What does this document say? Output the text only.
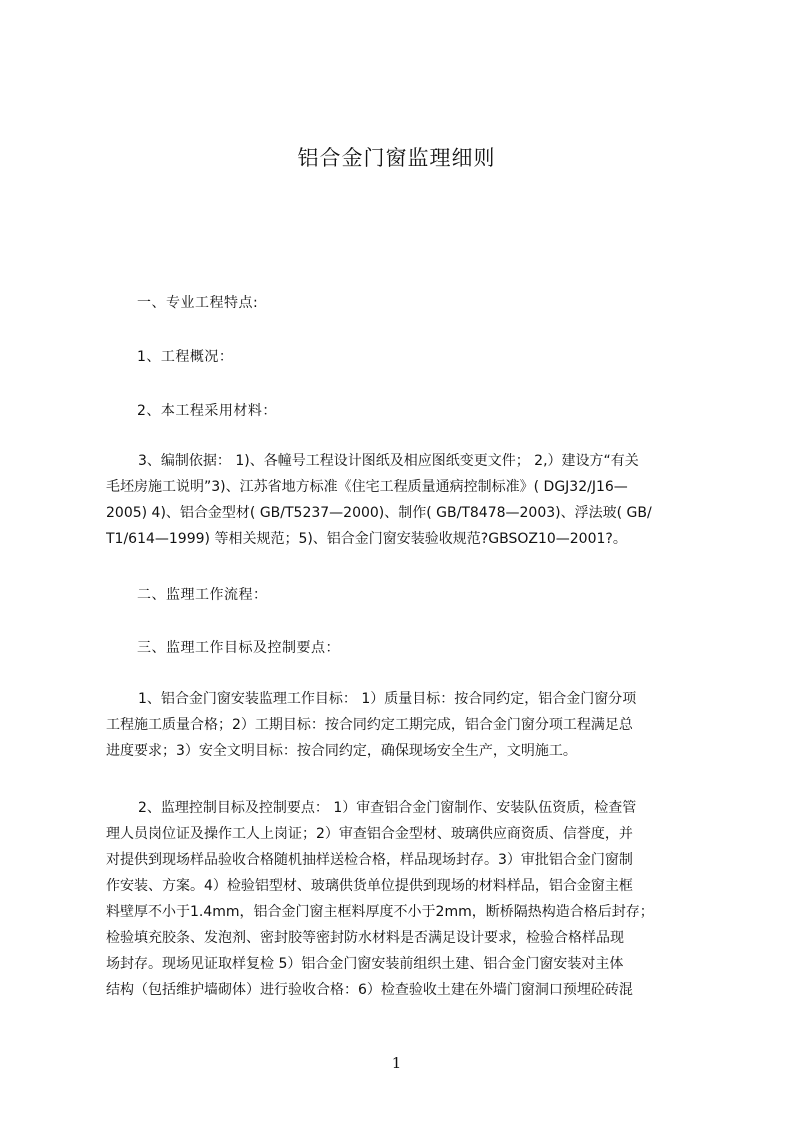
铝合金门窗监理细则
一、专业工程特点:
1、工程概况：
2、本工程采用材料：
3、编制依据： 1)、各幢号工程设计图纸及相应图纸变更文件； 2,）建设方“有关
毛坯房施工说明”3)、江苏省地方标准《住宅工程质量通病控制标准》( DGJ32/J16—
2005) 4)、铝合金型材( GB/T5237—2000)、制作( GB/T8478—2003)、浮法玻( GB/
T1/614—1999) 等相关规范；5)、铝合金门窗安装验收规范?GBSOZ10—2001?。
二、监理工作流程：
三、监理工作目标及控制要点：
1、铝合金门窗安装监理工作目标： 1）质量目标：按合同约定，铝合金门窗分项
工程施工质量合格；2）工期目标：按合同约定工期完成，铝合金门窗分项工程满足总
进度要求；3）安全文明目标：按合同约定，确保现场安全生产，文明施工。
2、监理控制目标及控制要点： 1）审查铝合金门窗制作、安装队伍资质，检查管
理人员岗位证及操作工人上岗证；2）审查铝合金型材、玻璃供应商资质、信誉度，并
对提供到现场样品验收合格随机抽样送检合格，样品现场封存。3）审批铝合金门窗制
作安装、方案。4）检验铝型材、玻璃供货单位提供到现场的材料样品，铝合金窗主框
料壁厚不小于1.4mm，铝合金门窗主框料厚度不小于2mm，断桥隔热构造合格后封存；
检验填充胶条、发泡剂、密封胶等密封防水材料是否满足设计要求，检验合格样品现
场封存。现场见证取样复检 5）铝合金门窗安装前组织土建、铝合金门窗安装对主体
结构（包括维护墙砌体）进行验收合格：6）检查验收土建在外墙门窗洞口预埋砼砖混
1
